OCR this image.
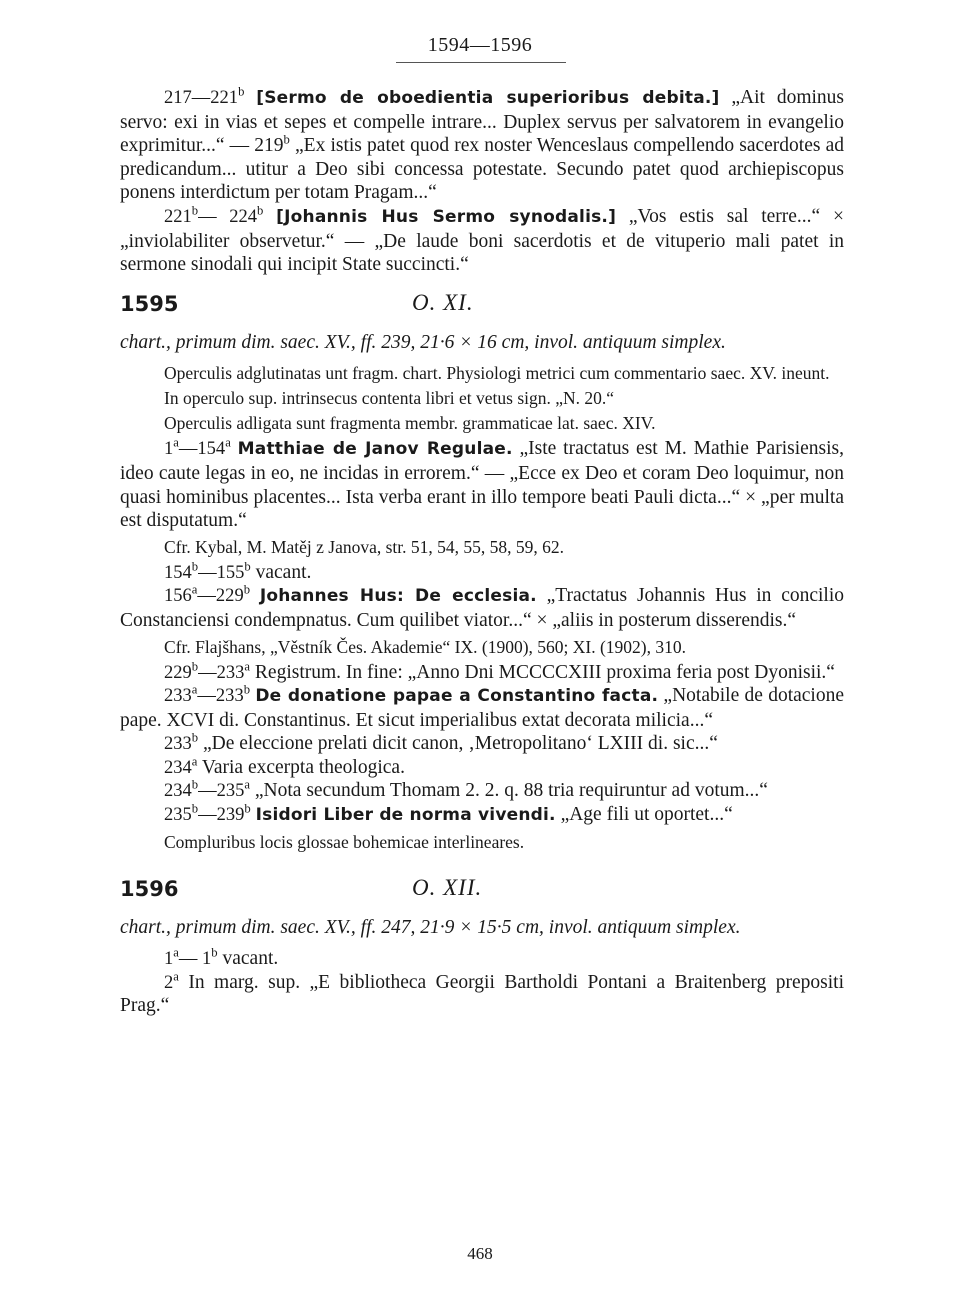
1594—1596

217—221$^b$ [Sermo de oboedientia superioribus debita.] „Ait dominus servo: exi in vias et sepes et compelle intrare... Duplex servus per salvatorem in evangelio exprimitur...“ — 219$^b$ „Ex istis patet quod rex noster Wenceslaus compellendo sacerdotes ad predicandum... utitur a Deo sibi concessa potestate. Secundo patet quod archiepiscopus ponens interdictum per totam Pragam...“

221$^b$— 224$^b$ [Johannis Hus Sermo synodalis.] „Vos estis sal terre...“ × „inviolabiliter observetur.“ — „De laude boni sacerdotis et de vituperio mali patet in sermone sinodali qui incipit State succincti.“

1595	O. XI.

chart., primum dim. saec. XV., ff. 239, 21·6 × 16 cm, invol. antiquum simplex.

Operculis adglutinatas unt fragm. chart. Physiologi metrici cum commentario saec. XV. ineunt.

In operculo sup. intrinsecus contenta libri et vetus sign. „N. 20.“

Operculis adligata sunt fragmenta membr. grammaticae lat. saec. XIV.

1$^a$—154$^a$ Matthiae de Janov Regulae. „Iste tractatus est M. Mathie Parisiensis, ideo caute legas in eo, ne incidas in errorem.“ — „Ecce ex Deo et coram Deo loquimur, non quasi hominibus placentes... Ista verba erant in illo tempore beati Pauli dicta...“ × „per multa est disputatum.“

Cfr. Kybal, M. Matěj z Janova, str. 51, 54, 55, 58, 59, 62.

154$^b$—155$^b$ vacant.

156$^a$—229$^b$ Johannes Hus: De ecclesia. „Tractatus Johannis Hus in concilio Constanciensi condempnatus. Cum quilibet viator...“ × „aliis in posterum disserendis.“

Cfr. Flajšhans, „Věstník Čes. Akademie“ IX. (1900), 560; XI. (1902), 310.

229$^b$—233$^a$ Registrum. In fine: „Anno Dni MCCCCXIII proxima feria post Dyonisii.“

233$^a$—233$^b$ De donatione papae a Constantino facta. „Notabile de dotacione pape. XCVI di. Constantinus. Et sicut imperialibus extat decorata milicia...“

233$^b$ „De eleccione prelati dicit canon, ‚Metropolitano‘ LXIII di. sic...“

234$^a$ Varia excerpta theologica.

234$^b$—235$^a$ „Nota secundum Thomam 2. 2. q. 88 tria requiruntur ad votum...“

235$^b$—239$^b$ Isidori Liber de norma vivendi. „Age fili ut oportet...“

Compluribus locis glossae bohemicae interlineares.

1596	O. XII.

chart., primum dim. saec. XV., ff. 247, 21·9 × 15·5 cm, invol. antiquum simplex.

1$^a$— 1$^b$ vacant.

2$^a$ In marg. sup. „E bibliotheca Georgii Bartholdi Pontani a Braitenberg prepositi Prag.“

468
